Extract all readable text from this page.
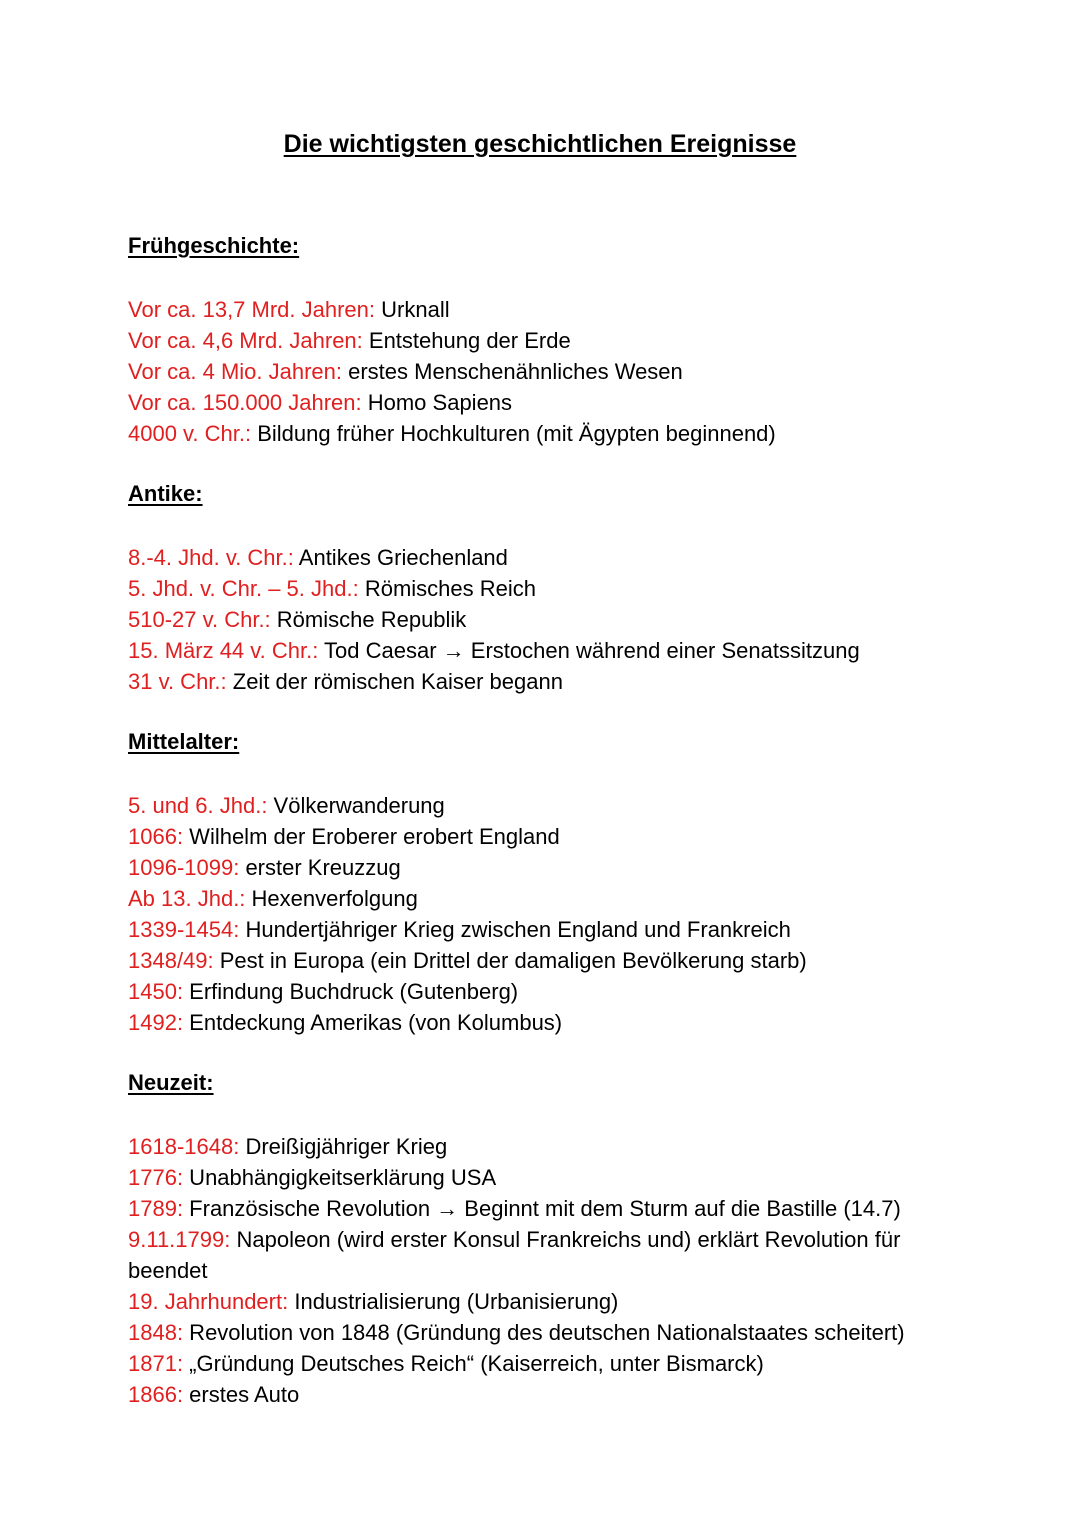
Die wichtigsten geschichtlichen Ereignisse
Frühgeschichte:

Vor ca. 13,7 Mrd. Jahren: Urknall

Vor ca. 4,6 Mrd. Jahren: Entstehung der Erde

Vor ca. 4 Mio. Jahren: erstes Menschenähnliches Wesen

Vor ca. 150.000 Jahren: Homo Sapiens

4000 v. Chr.: Bildung früher Hochkulturen (mit Ägypten beginnend)

Antike:

8.-4. Jhd. v. Chr.: Antikes Griechenland

5. Jhd. v. Chr. – 5. Jhd.: Römisches Reich

510-27 v. Chr.: Römische Republik

15. März 44 v. Chr.: Tod Caesar → Erstochen während einer Senatssitzung

31 v. Chr.: Zeit der römischen Kaiser begann

Mittelalter:

5. und 6. Jhd.: Völkerwanderung

1066: Wilhelm der Eroberer erobert England

1096-1099: erster Kreuzzug

Ab 13. Jhd.: Hexenverfolgung

1339-1454: Hundertjähriger Krieg zwischen England und Frankreich

1348/49: Pest in Europa (ein Drittel der damaligen Bevölkerung starb)

1450: Erfindung Buchdruck (Gutenberg)

1492: Entdeckung Amerikas (von Kolumbus)

Neuzeit:

1618-1648: Dreißigjähriger Krieg

1776: Unabhängigkeitserklärung USA

1789: Französische Revolution → Beginnt mit dem Sturm auf die Bastille (14.7)

9.11.1799: Napoleon (wird erster Konsul Frankreichs und) erklärt Revolution für beendet

19. Jahrhundert: Industrialisierung (Urbanisierung)

1848: Revolution von 1848 (Gründung des deutschen Nationalstaates scheitert)

1871: „Gründung Deutsches Reich“ (Kaiserreich, unter Bismarck)

1866: erstes Auto
